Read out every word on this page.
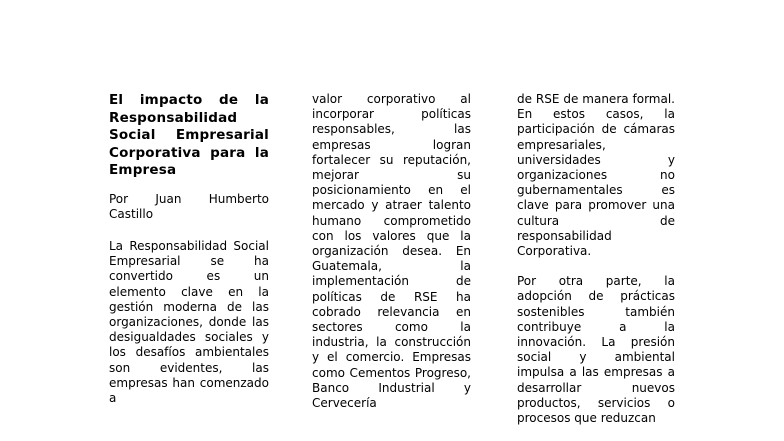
El impacto de la Responsabilidad Social Empresarial Corporativa para la Empresa

Por Juan Humberto Castillo

La Responsabilidad Social Empresarial se ha convertido es un elemento clave en la gestión moderna de las organizaciones, donde las desigualdades sociales y los desafíos ambientales son evidentes, las empresas han comenzado a

valor corporativo al incorporar políticas responsables, las empresas logran fortalecer su reputación, mejorar su posicionamiento en el mercado y atraer talento humano comprometido con los valores que la organización desea. En Guatemala, la implementación de políticas de RSE ha cobrado relevancia en sectores como la industria, la construcción y el comercio. Empresas como Cementos Progreso, Banco Industrial y Cervecería

de RSE de manera formal. En estos casos, la participación de cámaras empresariales, universidades y organizaciones no gubernamentales es clave para promover una cultura de responsabilidad Corporativa.

Por otra parte, la adopción de prácticas sostenibles también contribuye a la innovación. La presión social y ambiental impulsa a las empresas a desarrollar nuevos productos, servicios o procesos que reduzcan
